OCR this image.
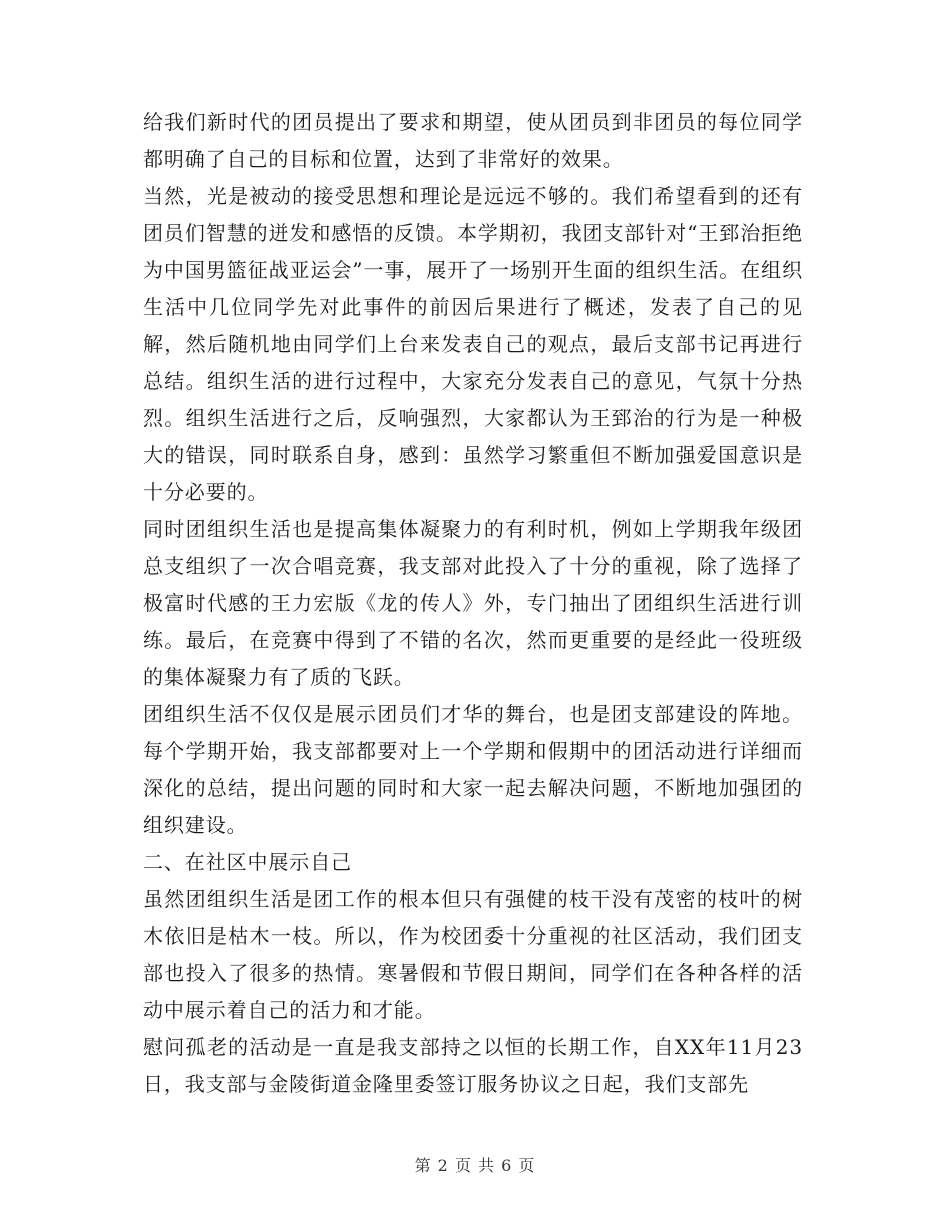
给我们新时代的团员提出了要求和期望，使从团员到非团员的每位同学都明确了自己的目标和位置，达到了非常好的效果。

当然，光是被动的接受思想和理论是远远不够的。我们希望看到的还有团员们智慧的迸发和感悟的反馈。本学期初，我团支部针对“王郅治拒绝为中国男篮征战亚运会”一事，展开了一场别开生面的组织生活。在组织生活中几位同学先对此事件的前因后果进行了概述，发表了自己的见解，然后随机地由同学们上台来发表自己的观点，最后支部书记再进行总结。组织生活的进行过程中，大家充分发表自己的意见，气氛十分热烈。组织生活进行之后，反响强烈，大家都认为王郅治的行为是一种极大的错误，同时联系自身，感到：虽然学习繁重但不断加强爱国意识是十分必要的。

同时团组织生活也是提高集体凝聚力的有利时机，例如上学期我年级团总支组织了一次合唱竞赛，我支部对此投入了十分的重视，除了选择了极富时代感的王力宏版《龙的传人》外，专门抽出了团组织生活进行训练。最后，在竞赛中得到了不错的名次，然而更重要的是经此一役班级的集体凝聚力有了质的飞跃。

团组织生活不仅仅是展示团员们才华的舞台，也是团支部建设的阵地。每个学期开始，我支部都要对上一个学期和假期中的团活动进行详细而深化的总结，提出问题的同时和大家一起去解决问题，不断地加强团的组织建设。

二、在社区中展示自己

虽然团组织生活是团工作的根本但只有强健的枝干没有茂密的枝叶的树木依旧是枯木一枝。所以，作为校团委十分重视的社区活动，我们团支部也投入了很多的热情。寒暑假和节假日期间，同学们在各种各样的活动中展示着自己的活力和才能。

慰问孤老的活动是一直是我支部持之以恒的长期工作，自XX年11月23日，我支部与金陵街道金隆里委签订服务协议之日起，我们支部先

第 2 页 共 6 页
